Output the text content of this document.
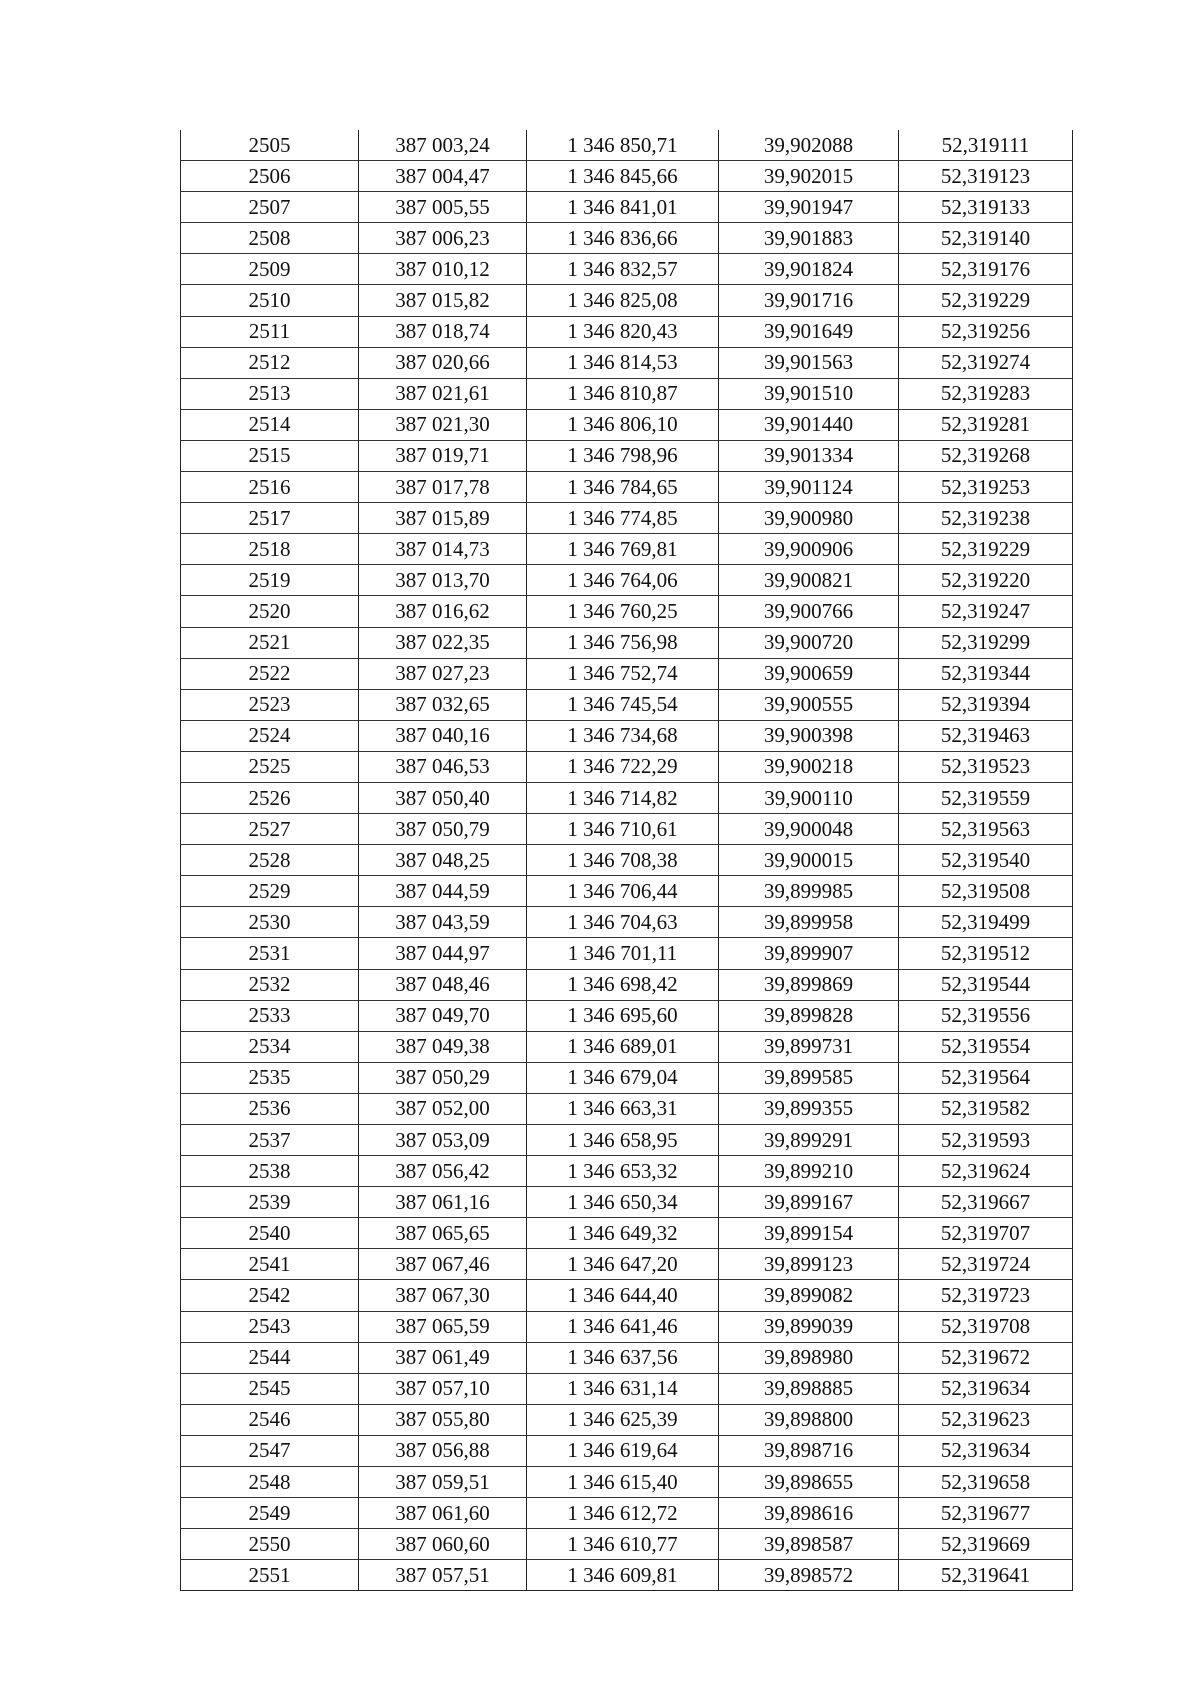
2505	387 003,24	1 346 850,71	39,902088	52,319111
2506	387 004,47	1 346 845,66	39,902015	52,319123
2507	387 005,55	1 346 841,01	39,901947	52,319133
2508	387 006,23	1 346 836,66	39,901883	52,319140
2509	387 010,12	1 346 832,57	39,901824	52,319176
2510	387 015,82	1 346 825,08	39,901716	52,319229
2511	387 018,74	1 346 820,43	39,901649	52,319256
2512	387 020,66	1 346 814,53	39,901563	52,319274
2513	387 021,61	1 346 810,87	39,901510	52,319283
2514	387 021,30	1 346 806,10	39,901440	52,319281
2515	387 019,71	1 346 798,96	39,901334	52,319268
2516	387 017,78	1 346 784,65	39,901124	52,319253
2517	387 015,89	1 346 774,85	39,900980	52,319238
2518	387 014,73	1 346 769,81	39,900906	52,319229
2519	387 013,70	1 346 764,06	39,900821	52,319220
2520	387 016,62	1 346 760,25	39,900766	52,319247
2521	387 022,35	1 346 756,98	39,900720	52,319299
2522	387 027,23	1 346 752,74	39,900659	52,319344
2523	387 032,65	1 346 745,54	39,900555	52,319394
2524	387 040,16	1 346 734,68	39,900398	52,319463
2525	387 046,53	1 346 722,29	39,900218	52,319523
2526	387 050,40	1 346 714,82	39,900110	52,319559
2527	387 050,79	1 346 710,61	39,900048	52,319563
2528	387 048,25	1 346 708,38	39,900015	52,319540
2529	387 044,59	1 346 706,44	39,899985	52,319508
2530	387 043,59	1 346 704,63	39,899958	52,319499
2531	387 044,97	1 346 701,11	39,899907	52,319512
2532	387 048,46	1 346 698,42	39,899869	52,319544
2533	387 049,70	1 346 695,60	39,899828	52,319556
2534	387 049,38	1 346 689,01	39,899731	52,319554
2535	387 050,29	1 346 679,04	39,899585	52,319564
2536	387 052,00	1 346 663,31	39,899355	52,319582
2537	387 053,09	1 346 658,95	39,899291	52,319593
2538	387 056,42	1 346 653,32	39,899210	52,319624
2539	387 061,16	1 346 650,34	39,899167	52,319667
2540	387 065,65	1 346 649,32	39,899154	52,319707
2541	387 067,46	1 346 647,20	39,899123	52,319724
2542	387 067,30	1 346 644,40	39,899082	52,319723
2543	387 065,59	1 346 641,46	39,899039	52,319708
2544	387 061,49	1 346 637,56	39,898980	52,319672
2545	387 057,10	1 346 631,14	39,898885	52,319634
2546	387 055,80	1 346 625,39	39,898800	52,319623
2547	387 056,88	1 346 619,64	39,898716	52,319634
2548	387 059,51	1 346 615,40	39,898655	52,319658
2549	387 061,60	1 346 612,72	39,898616	52,319677
2550	387 060,60	1 346 610,77	39,898587	52,319669
2551	387 057,51	1 346 609,81	39,898572	52,319641
